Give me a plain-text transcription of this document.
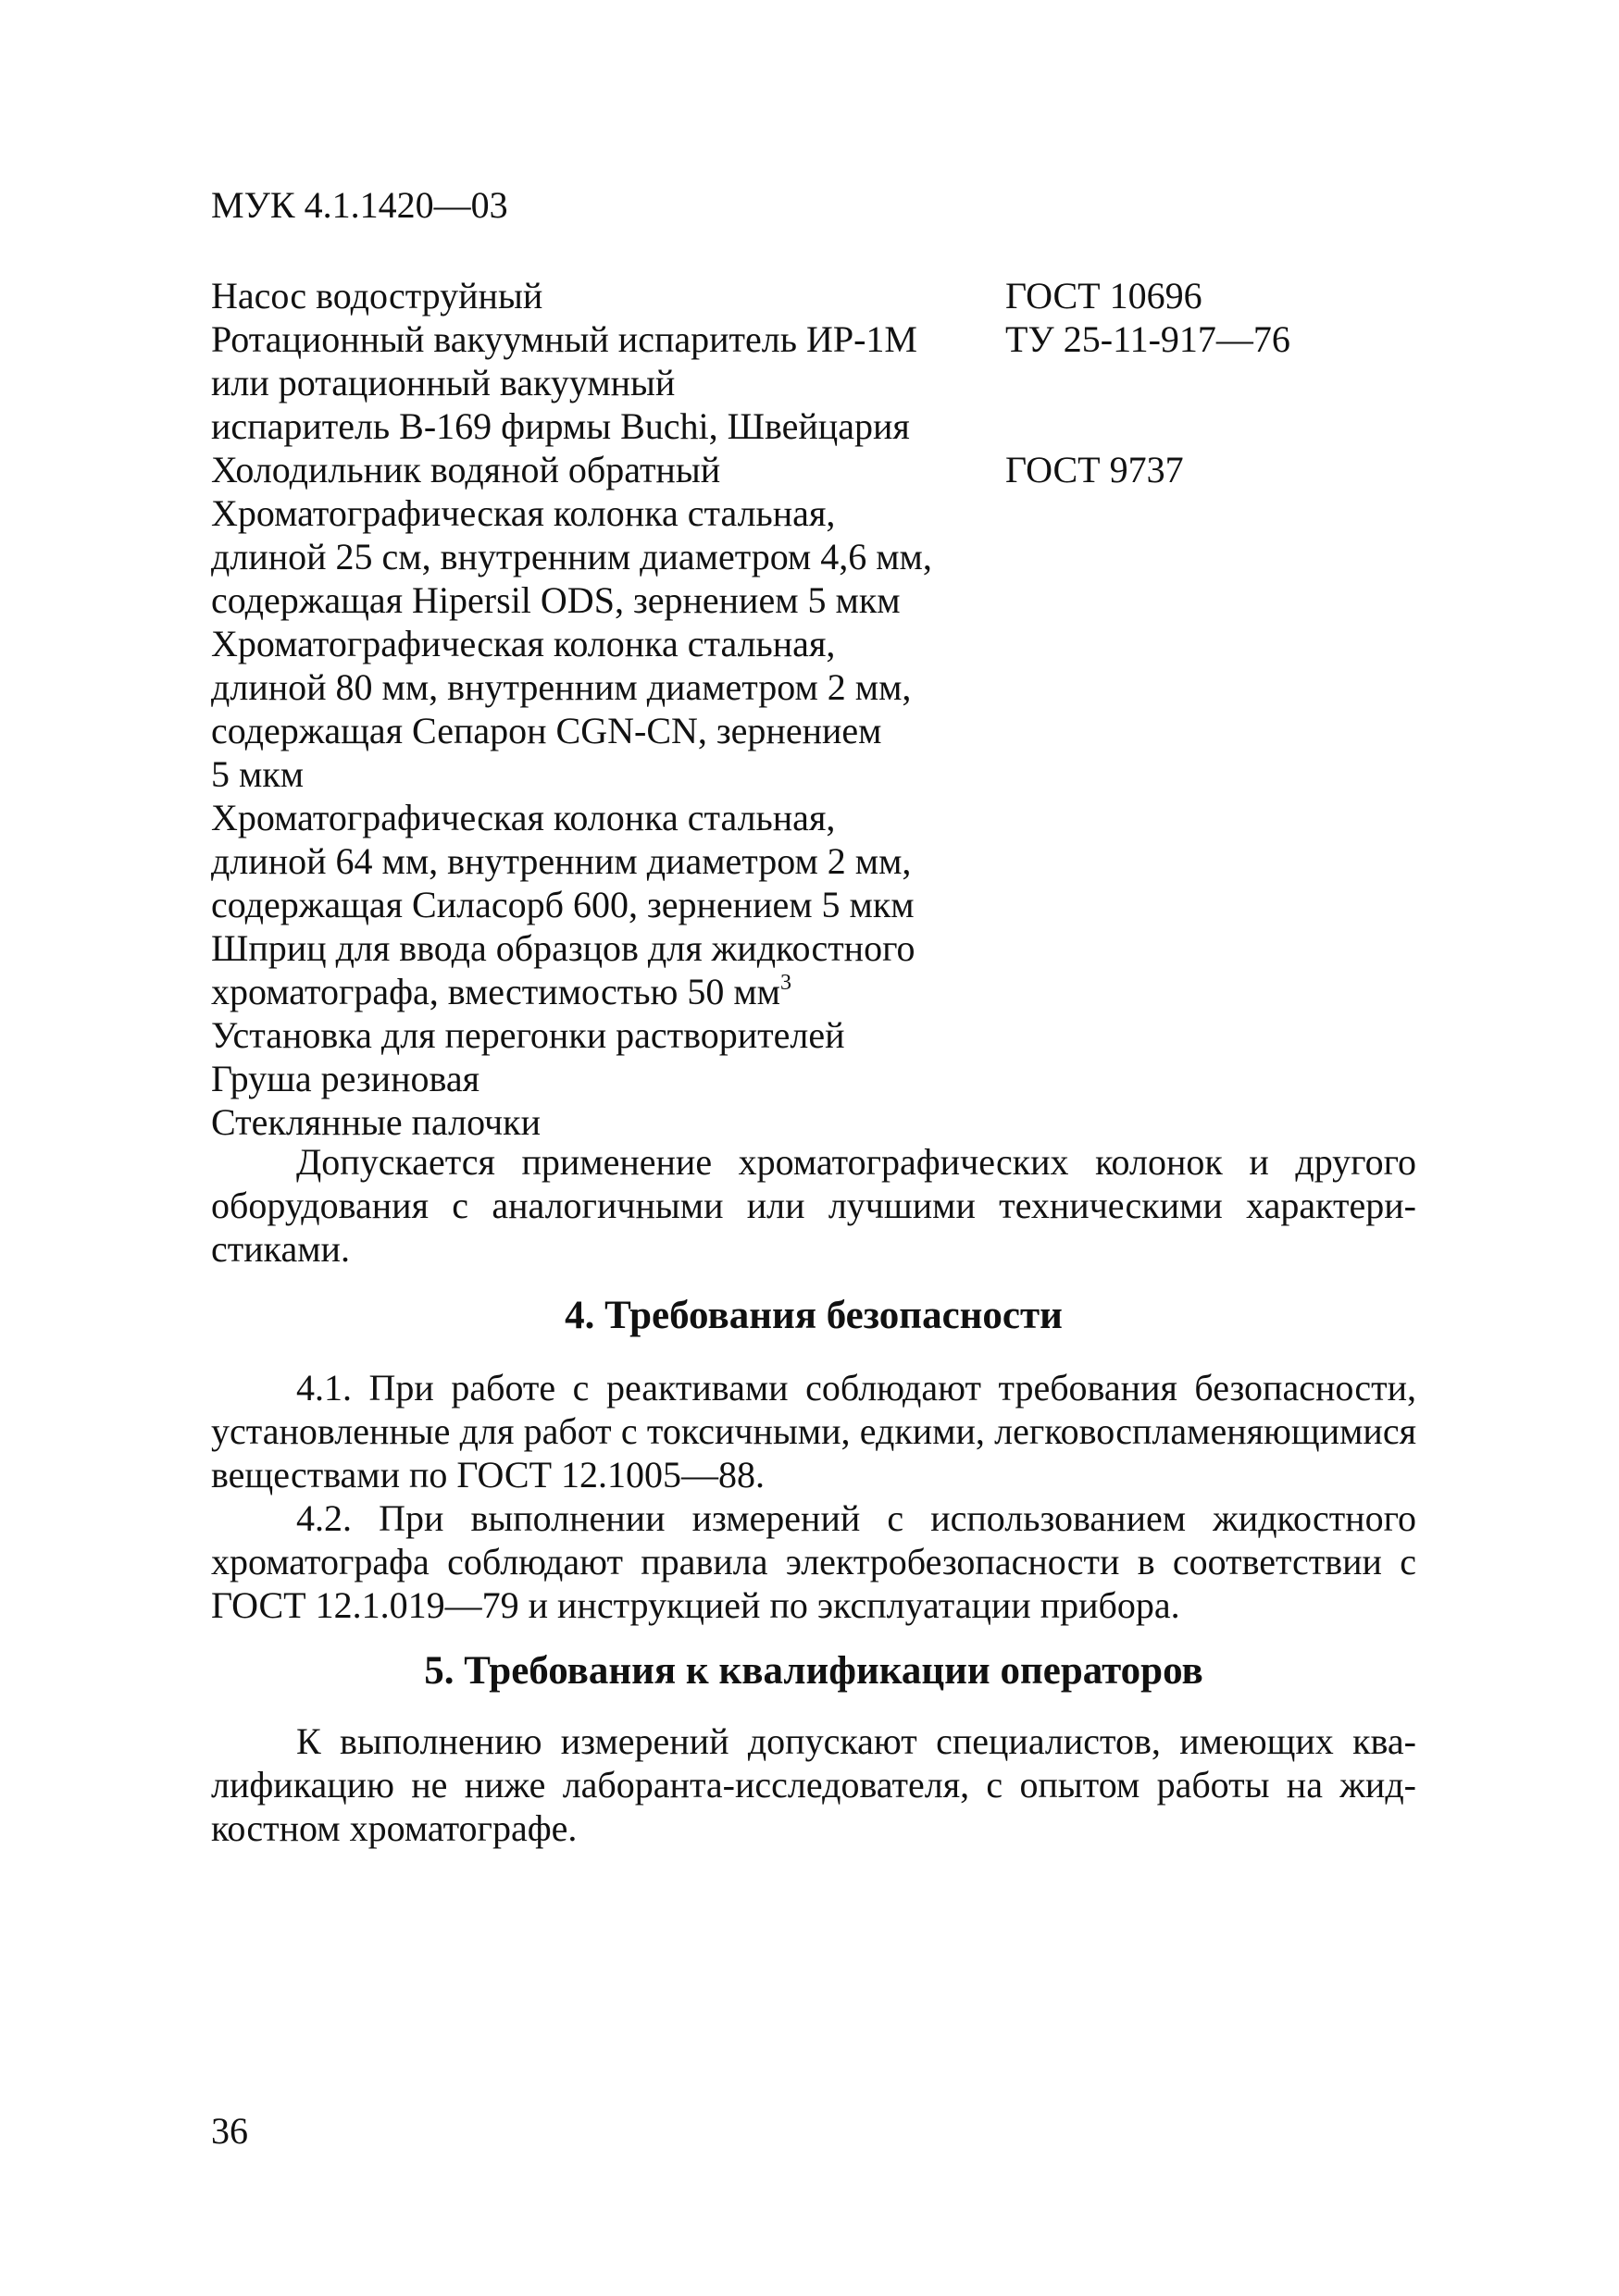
МУК 4.1.1420—03
Насос водоструйный	ГОСТ 10696
Ротационный вакуумный испаритель ИР-1М
или ротационный вакуумный
испаритель В-169 фирмы Buchi, Швейцария
ТУ 25-11-917—76
Холодильник водяной обратный	ГОСТ 9737
Хроматографическая колонка стальная,
длиной 25 см, внутренним диаметром 4,6 мм,
содержащая Hipersil ODS, зернением 5 мкм
Хроматографическая колонка стальная,
длиной 80 мм, внутренним диаметром 2 мм,
содержащая Сепарон CGN-CN, зернением
5 мкм
Хроматографическая колонка стальная,
длиной 64 мм, внутренним диаметром 2 мм,
содержащая Силасорб 600, зернением 5 мкм
Шприц для ввода образцов для жидкостного
хроматографа, вместимостью 50 $мм^3$
Установка для перегонки растворителей
Груша резиновая
Стеклянные палочки

Допускается применение хроматографических колонок и другого оборудования с аналогичными или лучшими техническими характеристиками.

4. Требования безопасности

4.1. При работе с реактивами соблюдают требования безопасности, установленные для работ с токсичными, едкими, легковоспламеняющимися веществами по ГОСТ 12.1005—88.

4.2. При выполнении измерений с использованием жидкостного хроматографа соблюдают правила электробезопасности в соответствии с ГОСТ 12.1.019—79 и инструкцией по эксплуатации прибора.

5. Требования к квалификации операторов

К выполнению измерений допускают специалистов, имеющих квалификацию не ниже лаборанта-исследователя, с опытом работы на жидкостном хроматографе.

36
